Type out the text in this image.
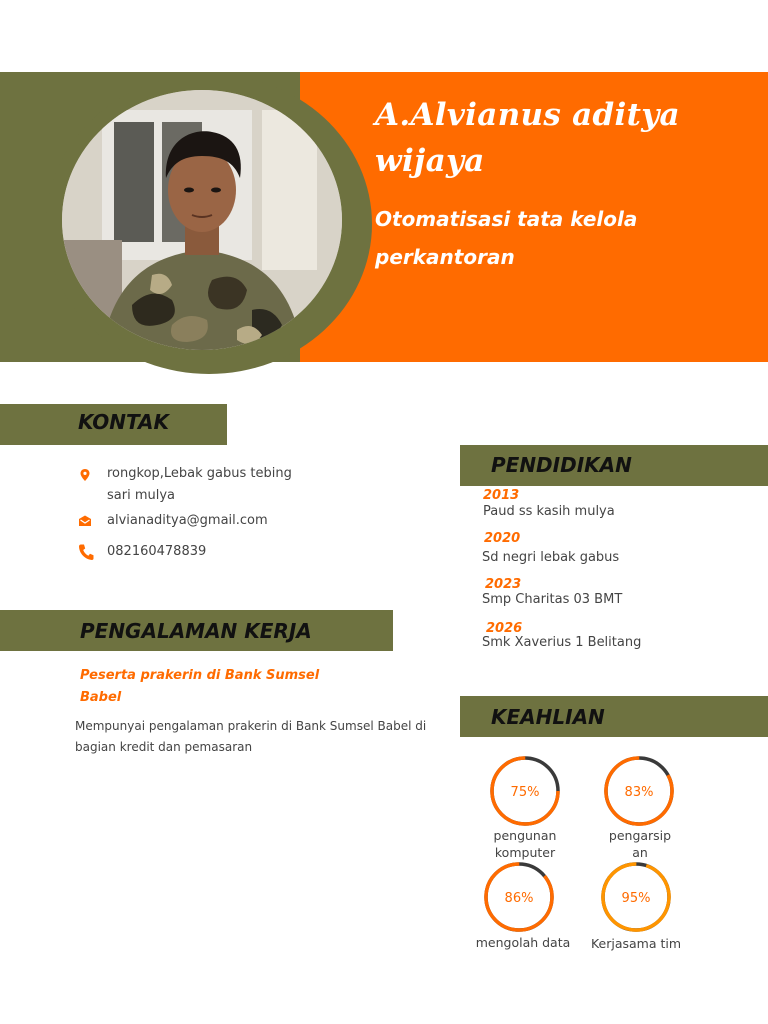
A.Alvianus aditya wijaya
Otomatisasi tata kelola perkantoran
KONTAK
rongkop,Lebak gabus tebing
sari mulya
alvianaditya@gmail.com
082160478839
PENGALAMAN KERJA
Peserta prakerin di Bank Sumsel Babel
Mempunyai pengalaman prakerin di Bank Sumsel Babel di bagian kredit dan pemasaran
PENDIDIKAN
2013
Paud ss kasih mulya
2020
Sd negri lebak gabus
2023
Smp Charitas 03 BMT
2026
Smk Xaverius 1 Belitang
KEAHLIAN
75%	83%
86%	95%
pengunan
komputer
pengarsip
an
mengolah data	Kerjasama tim
